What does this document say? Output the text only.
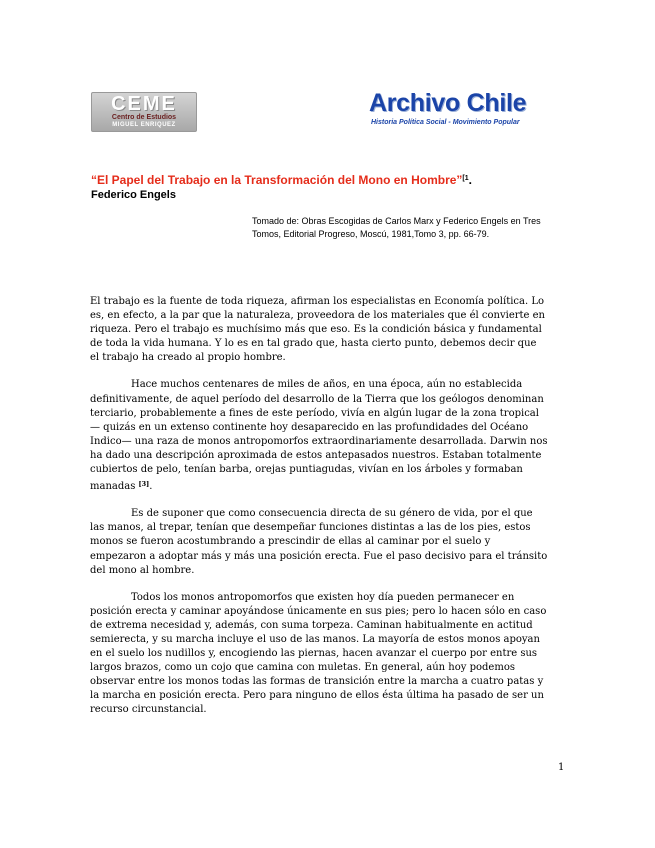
CEME
Centro de Estudios
MIGUEL ENRIQUEZ
Archivo Chile
Historia Política Social - Movimiento Popular
“El Papel del Trabajo en la Transformación del Mono en Hombre”$^{[1}$.
Federico Engels
Tomado de: Obras Escogidas de Carlos Marx y Federico Engels en Tres Tomos, Editorial Progreso, Moscú, 1981,Tomo 3, pp. 66-79.

El trabajo es la fuente de toda riqueza, afirman los especialistas en Economía política. Lo es, en efecto, a la par que la naturaleza, proveedora de los materiales que él convierte en riqueza. Pero el trabajo es muchísimo más que eso. Es la condición básica y fundamental de toda la vida humana. Y lo es en tal grado que, hasta cierto punto, debemos decir que el trabajo ha creado al propio hombre.

Hace muchos centenares de miles de años, en una época, aún no establecida definitivamente, de aquel período del desarrollo de la Tierra que los geólogos denominan terciario, probablemente a fines de este período, vivía en algún lugar de la zona tropical — quizás en un extenso continente hoy desaparecido en las profundidades del Océano Indico— una raza de monos antropomorfos extraordinariamente desarrollada. Darwin nos ha dado una descripción aproximada de estos antepasados nuestros. Estaban totalmente cubiertos de pelo, tenían barba, orejas puntiagudas, vivían en los árboles y formaban manadas [3].

Es de suponer que como consecuencia directa de su género de vida, por el que las manos, al trepar, tenían que desempeñar funciones distintas a las de los pies, estos monos se fueron acostumbrando a prescindir de ellas al caminar por el suelo y empezaron a adoptar más y más una posición erecta. Fue el paso decisivo para el tránsito del mono al hombre.

Todos los monos antropomorfos que existen hoy día pueden permanecer en posición erecta y caminar apoyándose únicamente en sus pies; pero lo hacen sólo en caso de extrema necesidad y, además, con suma torpeza. Caminan habitualmente en actitud semierecta, y su marcha incluye el uso de las manos. La mayoría de estos monos apoyan en el suelo los nudillos y, encogiendo las piernas, hacen avanzar el cuerpo por entre sus largos brazos, como un cojo que camina con muletas. En general, aún hoy podemos observar entre los monos todas las formas de transición entre la marcha a cuatro patas y la marcha en posición erecta. Pero para ninguno de ellos ésta última ha pasado de ser un recurso circunstancial.

1
